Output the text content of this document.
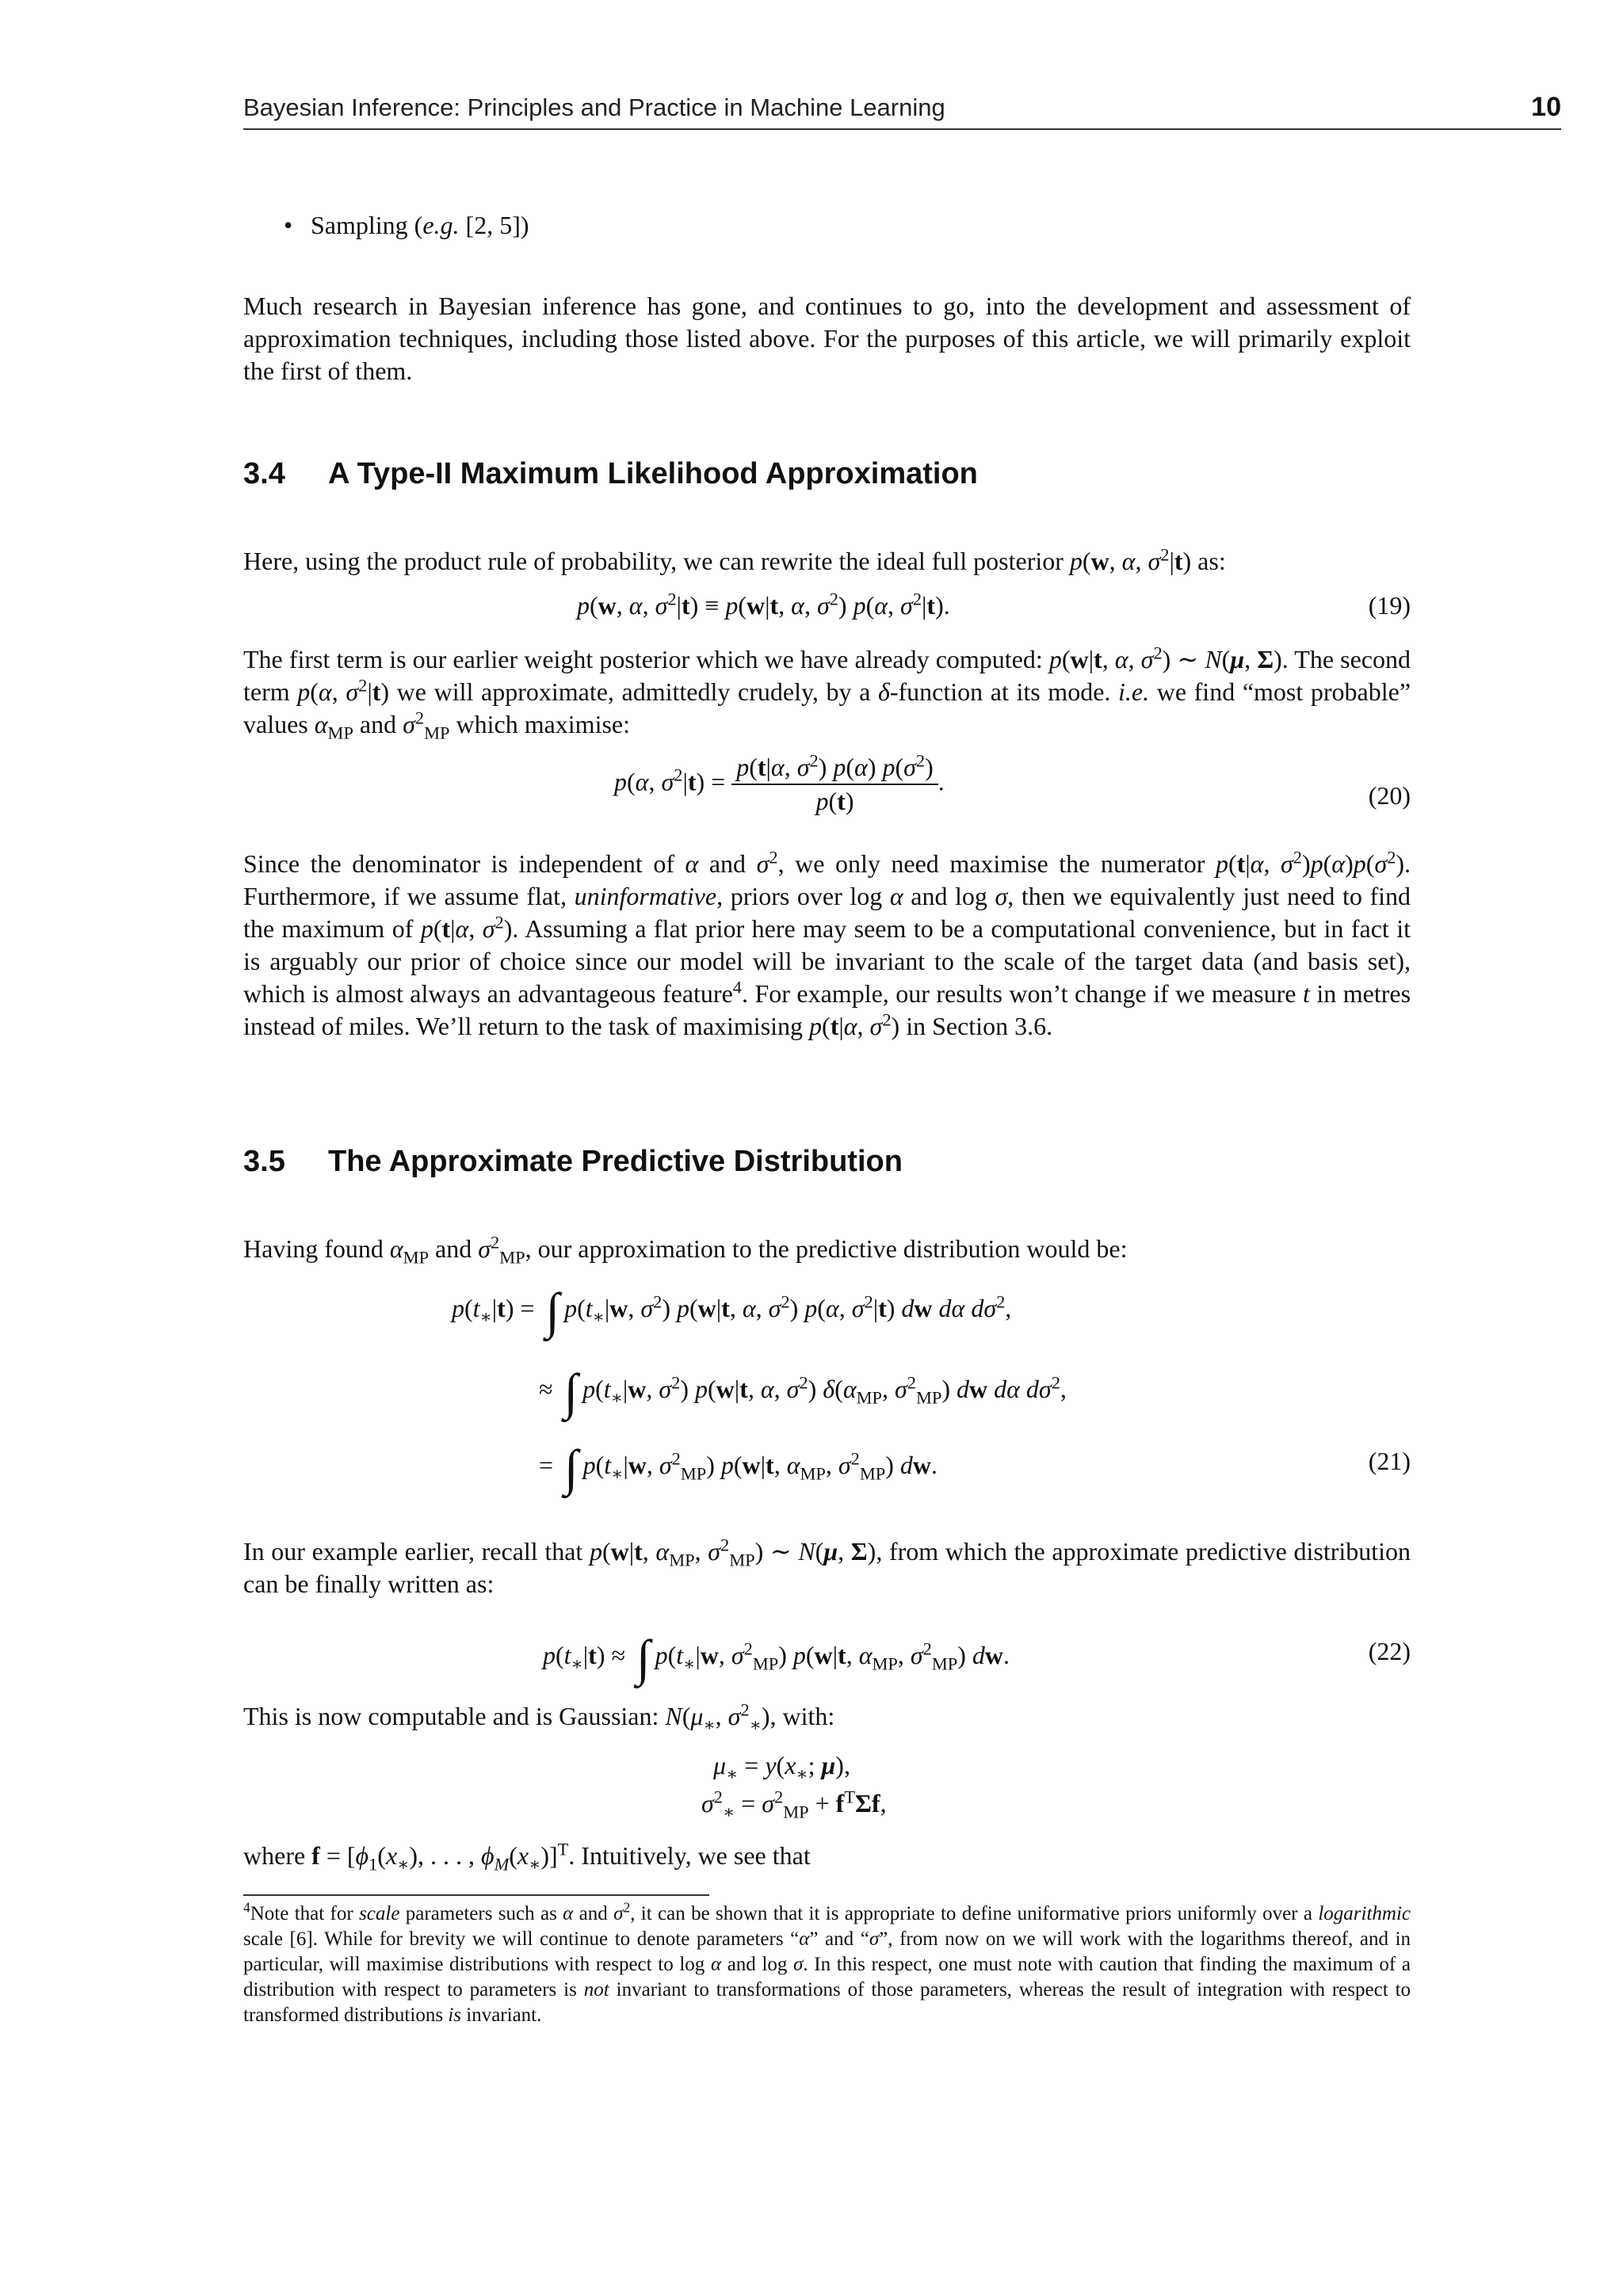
Bayesian Inference: Principles and Practice in Machine Learning	10
• Sampling (e.g. [2, 5])

Much research in Bayesian inference has gone, and continues to go, into the development and assessment of approximation techniques, including those listed above. For the purposes of this article, we will primarily exploit the first of them.

3.4 A Type-II Maximum Likelihood Approximation
Here, using the product rule of probability, we can rewrite the ideal full posterior p(w, α, $\sigma^2|t$) as:
p(w, α, $\sigma^2|t) \equiv p(w|t$, α, $\sigma^2$) p(α, $\sigma^2|t$).	(19)

The first term is our earlier weight posterior which we have already computed: p(w|t, α, $\sigma^2$) ∼ N(μ, Σ). The second term p(α, $\sigma^2|t$) we will approximate, admittedly crudely, by a δ-function at its mode. i.e. we find “most probable” values $\alpha_{MP}$ and $\sigma^2_{MP}$ which maximise:

p(α, $\sigma^2|t) = \frac{p(t|\alpha, \sigma^2) p(\alpha) p(\sigma^2)}{p(t)}$ .	(20)

Since the denominator is independent of α and $\sigma^2$, we only need maximise the numerator p(t|α, $\sigma^2)p(\alpha)p(\sigma^2)$. Furthermore, if we assume flat, uninformative, priors over log α and log σ, then we equivalently just need to find the maximum of p(t|α, $\sigma^2$). Assuming a flat prior here may seem to be a computational convenience, but in fact it is arguably our prior of choice since our model will be invariant to the scale of the target data (and basis set), which is almost always an advantageous feature$^4$. For example, our results won’t change if we measure t in metres instead of miles. We’ll return to the task of maximising p(t|α, $\sigma^2$) in Section 3.6.

3.5 The Approximate Predictive Distribution
Having found $\alpha_{MP}$ and $\sigma^2_{MP}$, our approximation to the predictive distribution would be:
$p(t_∗|t)$ = ∫ $p(t_∗|w$, $\sigma^2$) p(w|t, α, $\sigma^2$) p(α, $\sigma^2|t$) dw dα $d\sigma^2$,
≈ ∫ $p(t_∗|w$, $\sigma^2$) p(w|t, α, $\sigma^2$) $\delta(\alpha_{MP}$, $\sigma^2_{MP}$) dw dα $d\sigma^2$,
= ∫ $p(t_∗|w$, $\sigma^2_{MP}$) p(w|t, $\alpha_{MP}$, $\sigma^2_{MP}$) dw.	(21)

In our example earlier, recall that p(w|t, $\alpha_{MP}$, $\sigma^2_{MP}$) ∼ N(μ, Σ), from which the approximate predictive distribution can be finally written as:

$p(t_∗|t)$ ≈ ∫ $p(t_∗|w$, $\sigma^2_{MP}$) p(w|t, $\alpha_{MP}$, $\sigma^2_{MP}$) dw.	(22)
This is now computable and is Gaussian: $N(\mu_∗$, $\sigma^2_∗$), with:
$\mu_∗ = y(x_∗$; μ),
$\sigma^2_∗ = \sigma^2_{MP} + f^T\Sigma f$,
where $f = [\phi_1(x_∗)$, . . . , $\phi_M(x_∗)]^T$. Intuitively, we see that
$^4$Note that for scale parameters such as α and $\sigma^2$, it can be shown that it is appropriate to define uniformative priors uniformly over a logarithmic scale [6]. While for brevity we will continue to denote parameters “α” and “σ”, from now on we will work with the logarithms thereof, and in particular, will maximise distributions with respect to log α and log σ. In this respect, one must note with caution that finding the maximum of a distribution with respect to parameters is not invariant to transformations of those parameters, whereas the result of integration with respect to transformed distributions is invariant.
